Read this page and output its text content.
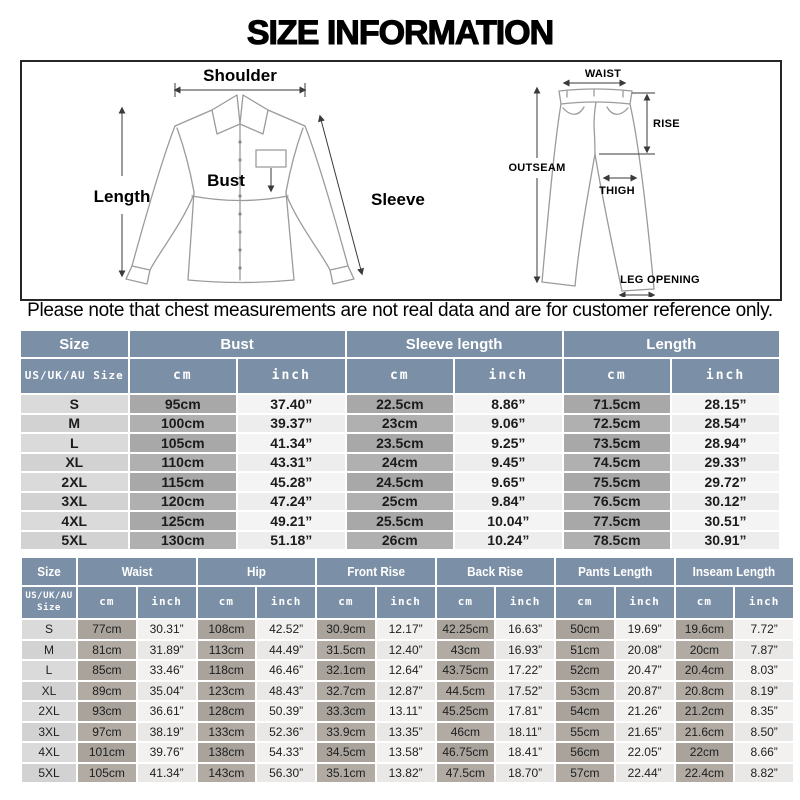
SIZE INFORMATION
Shoulder
Length
Bust
Sleeve
WAIST
RISE
OUTSEAM
THIGH
LEG OPENING
Please note that chest measurements are not real data and are for customer reference only.
Size	Bust		Sleeve length		Length	
US/UK/AU Size	cm	inch	cm	inch	cm	inch
S	95cm	37.40”	22.5cm	8.86”	71.5cm	28.15”
M	100cm	39.37”	23cm	9.06”	72.5cm	28.54”
L	105cm	41.34”	23.5cm	9.25”	73.5cm	28.94”
XL	110cm	43.31”	24cm	9.45”	74.5cm	29.33”
2XL	115cm	45.28”	24.5cm	9.65”	75.5cm	29.72”
3XL	120cm	47.24”	25cm	9.84”	76.5cm	30.12”
4XL	125cm	49.21”	25.5cm	10.04”	77.5cm	30.51”
5XL	130cm	51.18”	26cm	10.24”	78.5cm	30.91”
Size	Waist		Hip		Front Rise		Back Rise		Pants Length		Inseam Length	
US/UK/AU Size	cm	inch	cm	inch	cm	inch	cm	inch	cm	inch	cm	inch
S	77cm	30.31”	108cm	42.52”	30.9cm	12.17”	42.25cm	16.63”	50cm	19.69”	19.6cm	7.72”
M	81cm	31.89”	113cm	44.49”	31.5cm	12.40”	43cm	16.93”	51cm	20.08”	20cm	7.87”
L	85cm	33.46”	118cm	46.46”	32.1cm	12.64”	43.75cm	17.22”	52cm	20.47”	20.4cm	8.03”
XL	89cm	35.04”	123cm	48.43”	32.7cm	12.87”	44.5cm	17.52”	53cm	20.87”	20.8cm	8.19”
2XL	93cm	36.61”	128cm	50.39”	33.3cm	13.11”	45.25cm	17.81”	54cm	21.26”	21.2cm	8.35”
3XL	97cm	38.19”	133cm	52.36”	33.9cm	13.35”	46cm	18.11”	55cm	21.65”	21.6cm	8.50”
4XL	101cm	39.76”	138cm	54.33”	34.5cm	13.58”	46.75cm	18.41”	56cm	22.05”	22cm	8.66”
5XL	105cm	41.34”	143cm	56.30”	35.1cm	13.82”	47.5cm	18.70”	57cm	22.44”	22.4cm	8.82”
